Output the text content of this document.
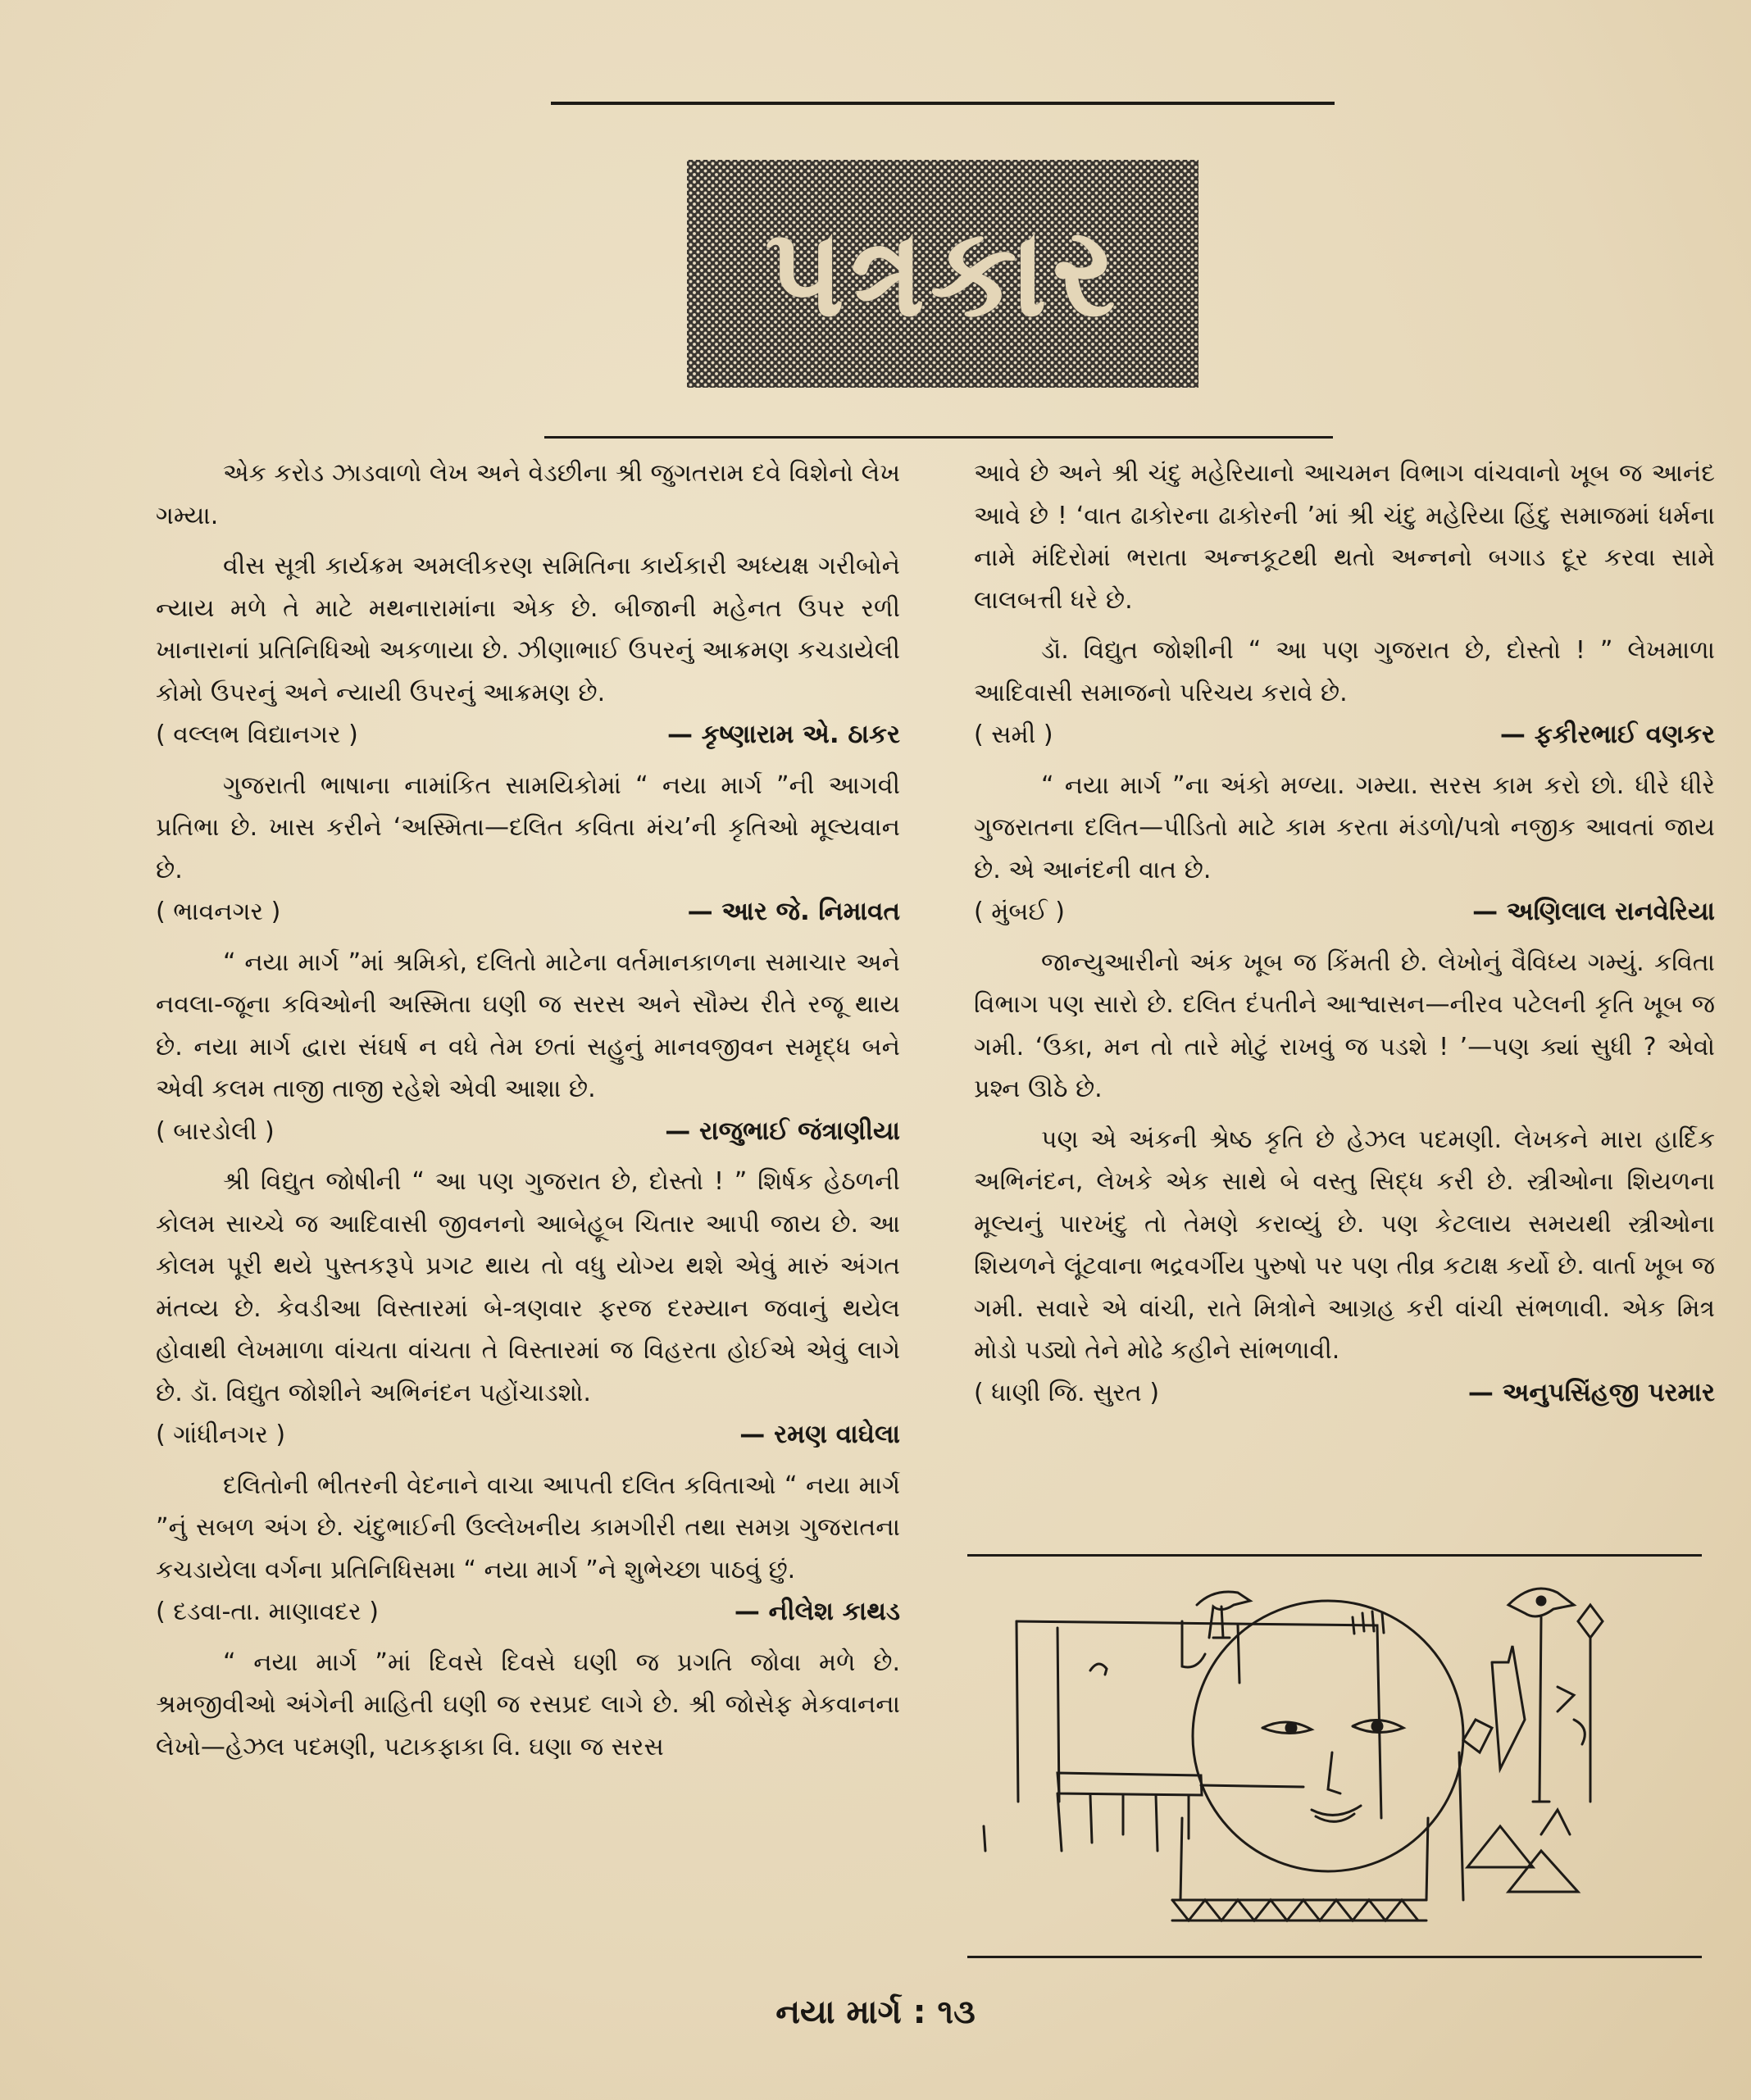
પત્રકાર

એક કરોડ ઝાડવાળો લેખ અને વેડછીના શ્રી જુગતરામ દવે વિશેનો લેખ ગમ્યા.

વીસ સૂત્રી કાર્યક્રમ અમલીકરણ સમિતિના કાર્યકારી અધ્યક્ષ ગરીબોને ન્યાય મળે તે માટે મથનારામાંના એક છે. બીજાની મહેનત ઉપર રળી ખાનારાનાં પ્રતિનિધિઓ અકળાયા છે. ઝીણાભાઈ ઉપરનું આક્રમણ કચડાયેલી કોમો ઉપરનું અને ન્યાયી ઉપરનું આક્રમણ છે.

( વલ્લભ વિદ્યાનગર )	— કૃષ્ણારામ એ. ઠાકર

ગુજરાતી ભાષાના નામાંકિત સામયિકોમાં “ નયા માર્ગ ”ની આગવી પ્રતિભા છે. ખાસ કરીને ‘અસ્મિતા—દલિત કવિતા મંચ’ની કૃતિઓ મૂલ્યવાન છે.

( ભાવનગર )	— આર જે. નિમાવત

“ નયા માર્ગ ”માં શ્રમિકો, દલિતો માટેના વર્તમાનકાળના સમાચાર અને નવલા-જૂના કવિઓની અસ્મિતા ઘણી જ સરસ અને સૌમ્ય રીતે રજૂ થાય છે. નયા માર્ગ દ્વારા સંઘર્ષ ન વધે તેમ છતાં સહુનું માનવજીવન સમૃદ્ધ બને એવી કલમ તાજી તાજી રહેશે એવી આશા છે.

( બારડોલી )	— રાજુભાઈ જંત્રાણીયા

શ્રી વિદ્યુત જોષીની “ આ પણ ગુજરાત છે, દોસ્તો ! ” શિર્ષક હેઠળની કોલમ સાચ્ચે જ આદિવાસી જીવનનો આબેહૂબ ચિતાર આપી જાય છે. આ કોલમ પૂરી થયે પુસ્તકરૂપે પ્રગટ થાય તો વધુ યોગ્ય થશે એવું મારું અંગત મંતવ્ય છે. કેવડીઆ વિસ્તારમાં બે-ત્રણવાર ફરજ દરમ્યાન જવાનું થયેલ હોવાથી લેખમાળા વાંચતા વાંચતા તે વિસ્તારમાં જ વિહરતા હોઈએ એવું લાગે છે. ડૉ. વિદ્યુત જોશીને અભિનંદન પહોંચાડશો.

( ગાંધીનગર )	— રમણ વાઘેલા

દલિતોની ભીતરની વેદનાને વાચા આપતી દલિત કવિતાઓ “ નયા માર્ગ ”નું સબળ અંગ છે. ચંદુભાઈની ઉલ્લેખનીય કામગીરી તથા સમગ્ર ગુજરાતના કચડાયેલા વર્ગના પ્રતિનિધિસમા “ નયા માર્ગ ”ને શુભેચ્છા પાઠવું છું.

( દડવા-તા. માણાવદર )	— નીલેશ કાથડ

“ નયા માર્ગ ”માં દિવસે દિવસે ઘણી જ પ્રગતિ જોવા મળે છે. શ્રમજીવીઓ અંગેની માહિતી ઘણી જ રસપ્રદ લાગે છે. શ્રી જોસેફ મેકવાનના લેખો—હેઝલ પદમણી, પટાકફાકા વિ. ઘણા જ સરસ

આવે છે અને શ્રી ચંદુ મહેરિયાનો આચમન વિભાગ વાંચવાનો ખૂબ જ આનંદ આવે છે ! ‘વાત ઢાકોરના ઢાકોરની ’માં શ્રી ચંદુ મહેરિયા હિંદુ સમાજમાં ધર્મના નામે મંદિરોમાં ભરાતા અન્નકૂટથી થતો અન્નનો બગાડ દૂર કરવા સામે લાલબત્તી ધરે છે.

ડૉ. વિદ્યુત જોશીની “ આ પણ ગુજરાત છે, દોસ્તો ! ” લેખમાળા આદિવાસી સમાજનો પરિચય કરાવે છે.

( સમી )	— ફકીરભાઈ વણકર

“ નયા માર્ગ ”ના અંકો મળ્યા. ગમ્યા. સરસ કામ કરો છો. ધીરે ધીરે ગુજરાતના દલિત—પીડિતો માટે કામ કરતા મંડળો/પત્રો નજીક આવતાં જાય છે. એ આનંદની વાત છે.

( મુંબઈ )	— અણિલાલ રાનવેરિયા

જાન્યુઆરીનો અંક ખૂબ જ કિંમતી છે. લેખોનું વૈવિધ્ય ગમ્યું. કવિતા વિભાગ પણ સારો છે. દલિત દંપતીને આશ્વાસન—નીરવ પટેલની કૃતિ ખૂબ જ ગમી. ‘ઉકા, મન તો તારે મોટું રાખવું જ પડશે ! ’—પણ ક્યાં સુધી ? એવો પ્રશ્ન ઊઠે છે.

પણ એ અંકની શ્રેષ્ઠ કૃતિ છે હેઝલ પદમણી. લેખકને મારા હાર્દિક અભિનંદન, લેખકે એક સાથે બે વસ્તુ સિદ્ધ કરી છે. સ્ત્રીઓના શિયળના મૂલ્યનું પારખંદુ તો તેમણે કરાવ્યું છે. પણ કેટલાય સમયથી સ્ત્રીઓના શિયળને લૂંટવાના ભદ્રવર્ગીય પુરુષો પર પણ તીવ્ર કટાક્ષ કર્યો છે. વાર્તા ખૂબ જ ગમી. સવારે એ વાંચી, રાતે મિત્રોને આગ્રહ કરી વાંચી સંભળાવી. એક મિત્ર મોડો પડ્યો તેને મોઢે કહીને સાંભળાવી.

( ધાણી જિ. સુરત )	— અનુપસિંહજી પરમાર
નયા માર્ગ : ૧૩
